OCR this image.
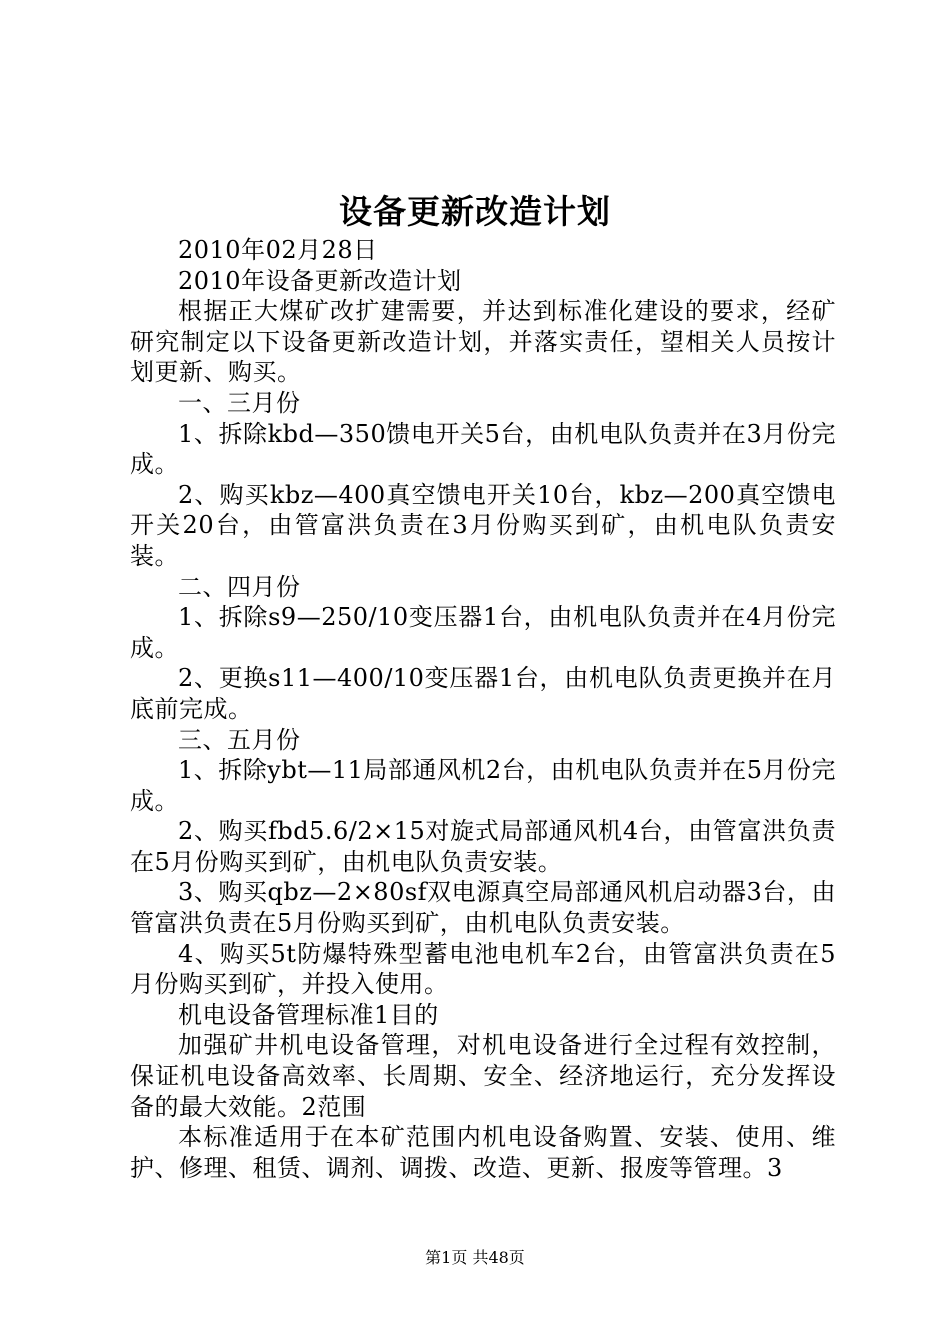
设备更新改造计划

2010年02月28日

2010年设备更新改造计划

根据正大煤矿改扩建需要，并达到标准化建设的要求，经矿研究制定以下设备更新改造计划，并落实责任，望相关人员按计划更新、购买。

一、三月份

1、拆除kbd—350馈电开关5台，由机电队负责并在3月份完成。

2、购买kbz—400真空馈电开关10台，kbz—200真空馈电开关20台，由管富洪负责在3月份购买到矿，由机电队负责安装。

二、四月份

1、拆除s9—250/10变压器1台，由机电队负责并在4月份完成。

2、更换s11—400/10变压器1台，由机电队负责更换并在月底前完成。

三、五月份

1、拆除ybt—11局部通风机2台，由机电队负责并在5月份完成。

2、购买fbd5.6/2×15对旋式局部通风机4台，由管富洪负责在5月份购买到矿，由机电队负责安装。

3、购买qbz—2×80sf双电源真空局部通风机启动器3台，由管富洪负责在5月份购买到矿，由机电队负责安装。

4、购买5t防爆特殊型蓄电池电机车2台，由管富洪负责在5月份购买到矿，并投入使用。

机电设备管理标准1目的

加强矿井机电设备管理，对机电设备进行全过程有效控制，保证机电设备高效率、长周期、安全、经济地运行，充分发挥设备的最大效能。2范围

本标准适用于在本矿范围内机电设备购置、安装、使用、维护、修理、租赁、调剂、调拨、改造、更新、报废等管理。3

第1页 共48页
